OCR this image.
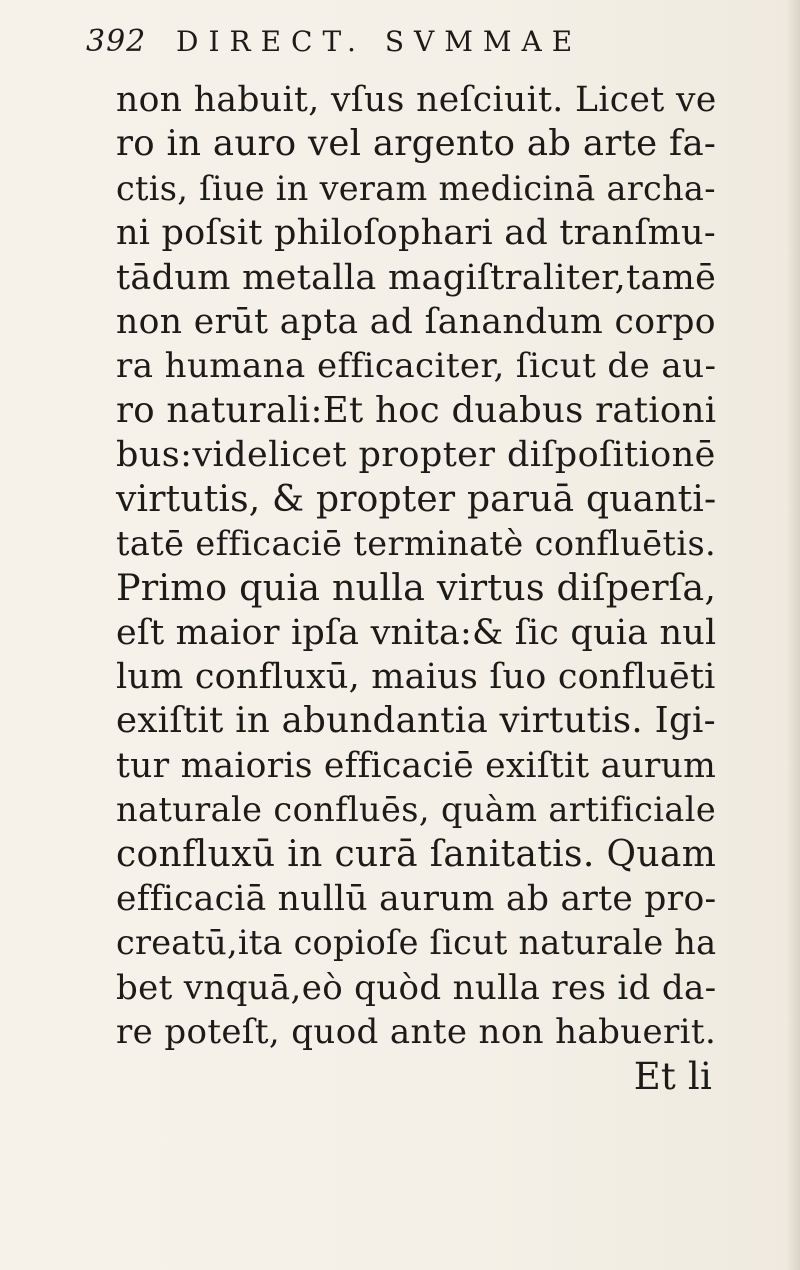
392	DIRECT. SVMMAE
non habuit, vſus neſciuit. Licet ve
ro in auro vel argento ab arte fa-
ctis, ſiue in veram medicinā archa-
ni poſsit philoſophari ad tranſmu-
tādum metalla magiſtraliter,tamē
non erūt apta ad ſanandum corpo
ra humana efficaciter, ſicut de au-
ro naturali:Et hoc duabus rationi
bus:videlicet propter diſpoſitionē
virtutis, & propter paruā quanti-
tatē efficaciē terminatè confluētis.
Primo quia nulla virtus diſperſa,
eſt maior ipſa vnita:& ſic quia nul
lum confluxū, maius ſuo confluēti
exiſtit in abundantia virtutis. Igi-
tur maioris efficaciē exiſtit aurum
naturale confluēs, quàm artificiale
confluxū in curā ſanitatis. Quam
efficaciā nullū aurum ab arte pro-
creatū,ita copioſe ſicut naturale ha
bet vnquā,eò quòd nulla res id da-
re poteſt, quod ante non habuerit.
Et li
